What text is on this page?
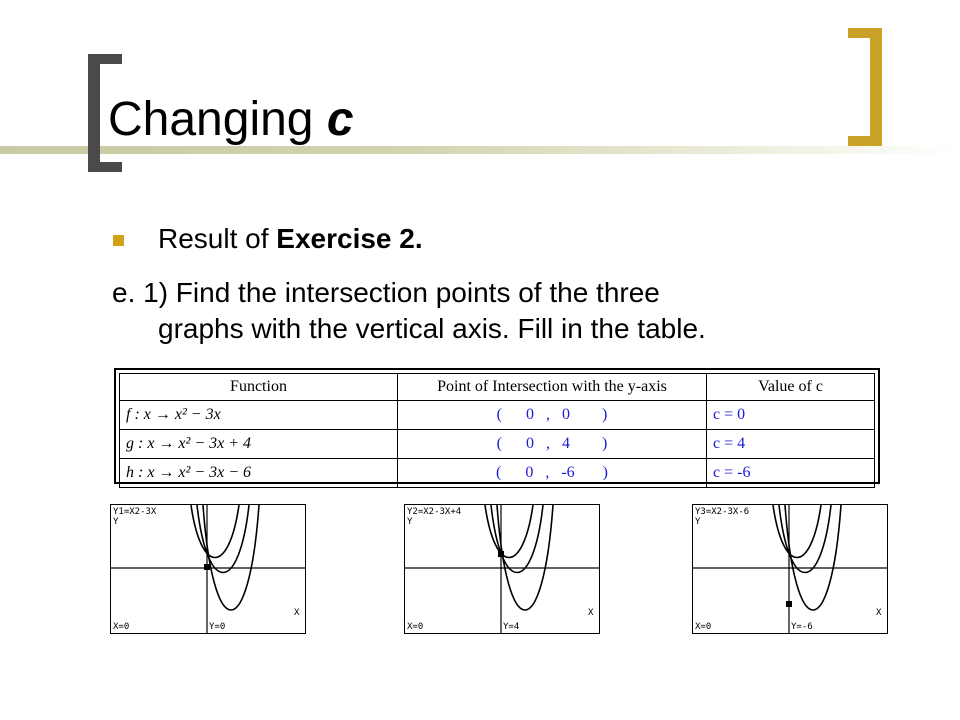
Changing c
Result of Exercise 2.
e. 1) Find the intersection points of the three
graphs with the vertical axis. Fill in the table.
Function	Point of Intersection with the y-axis	Value of c
f : x → x² − 3x	( 0 , 0 )	c = 0
g : x → x² − 3x + 4	( 0 , 4 )	c = 4
h : x → x² − 3x − 6	( 0 , -6 )	c = -6
Y1=X2-3X
Y
X
X=0	Y=0
Y2=X2-3X+4
Y
X
X=0	Y=4
Y3=X2-3X-6
Y
X
X=0	Y=-6
